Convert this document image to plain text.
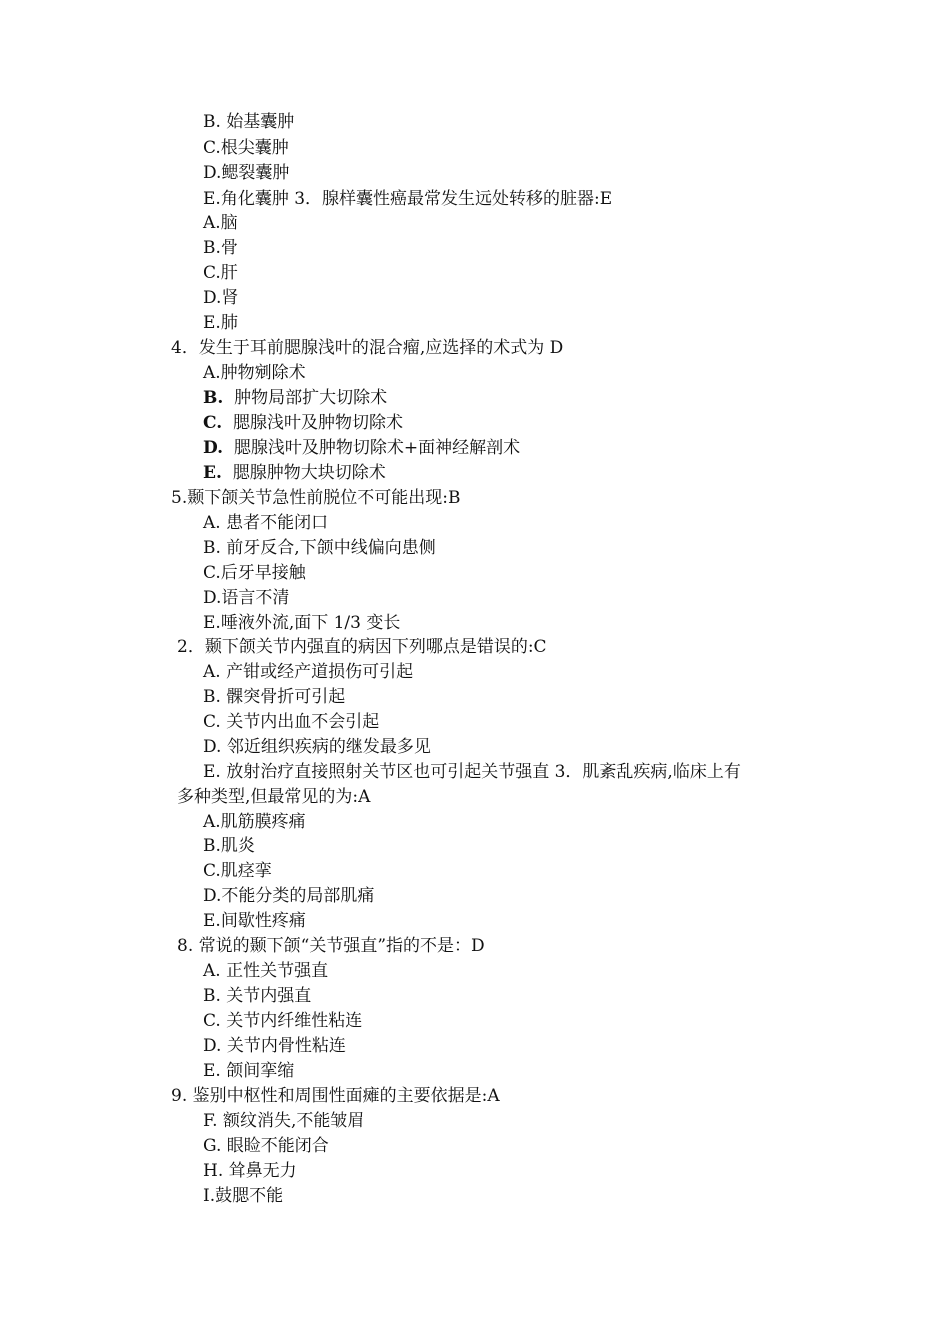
B. 始基囊肿
C.根尖囊肿
D.鳃裂囊肿
E.角化囊肿 3．腺样囊性癌最常发生远处转移的脏器:E
A.脑
B.骨
C.肝
D.肾
E.肺
4．发生于耳前腮腺浅叶的混合瘤,应选择的术式为 D
A.肿物剜除术
B. 肿物局部扩大切除术
C. 腮腺浅叶及肿物切除术
D. 腮腺浅叶及肿物切除术+面神经解剖术
E. 腮腺肿物大块切除术
5.颞下颌关节急性前脱位不可能出现:B
A. 患者不能闭口
B. 前牙反合,下颌中线偏向患侧
C.后牙早接触
D.语言不清
E.唾液外流,面下 1/3 变长
2．颞下颌关节内强直的病因下列哪点是错误的:C
A. 产钳或经产道损伤可引起
B. 髁突骨折可引起
C. 关节内出血不会引起
D. 邻近组织疾病的继发最多见
E. 放射治疗直接照射关节区也可引起关节强直 3．肌紊乱疾病,临床上有
多种类型,但最常见的为:A
A.肌筋膜疼痛
B.肌炎
C.肌痉挛
D.不能分类的局部肌痛
E.间歇性疼痛
8. 常说的颞下颌“关节强直”指的不是：D
A. 正性关节强直
B. 关节内强直
C. 关节内纤维性粘连
D. 关节内骨性粘连
E. 颌间挛缩
9. 鉴别中枢性和周围性面瘫的主要依据是:A
F. 额纹消失,不能皱眉
G. 眼睑不能闭合
H. 耸鼻无力
I.鼓腮不能
